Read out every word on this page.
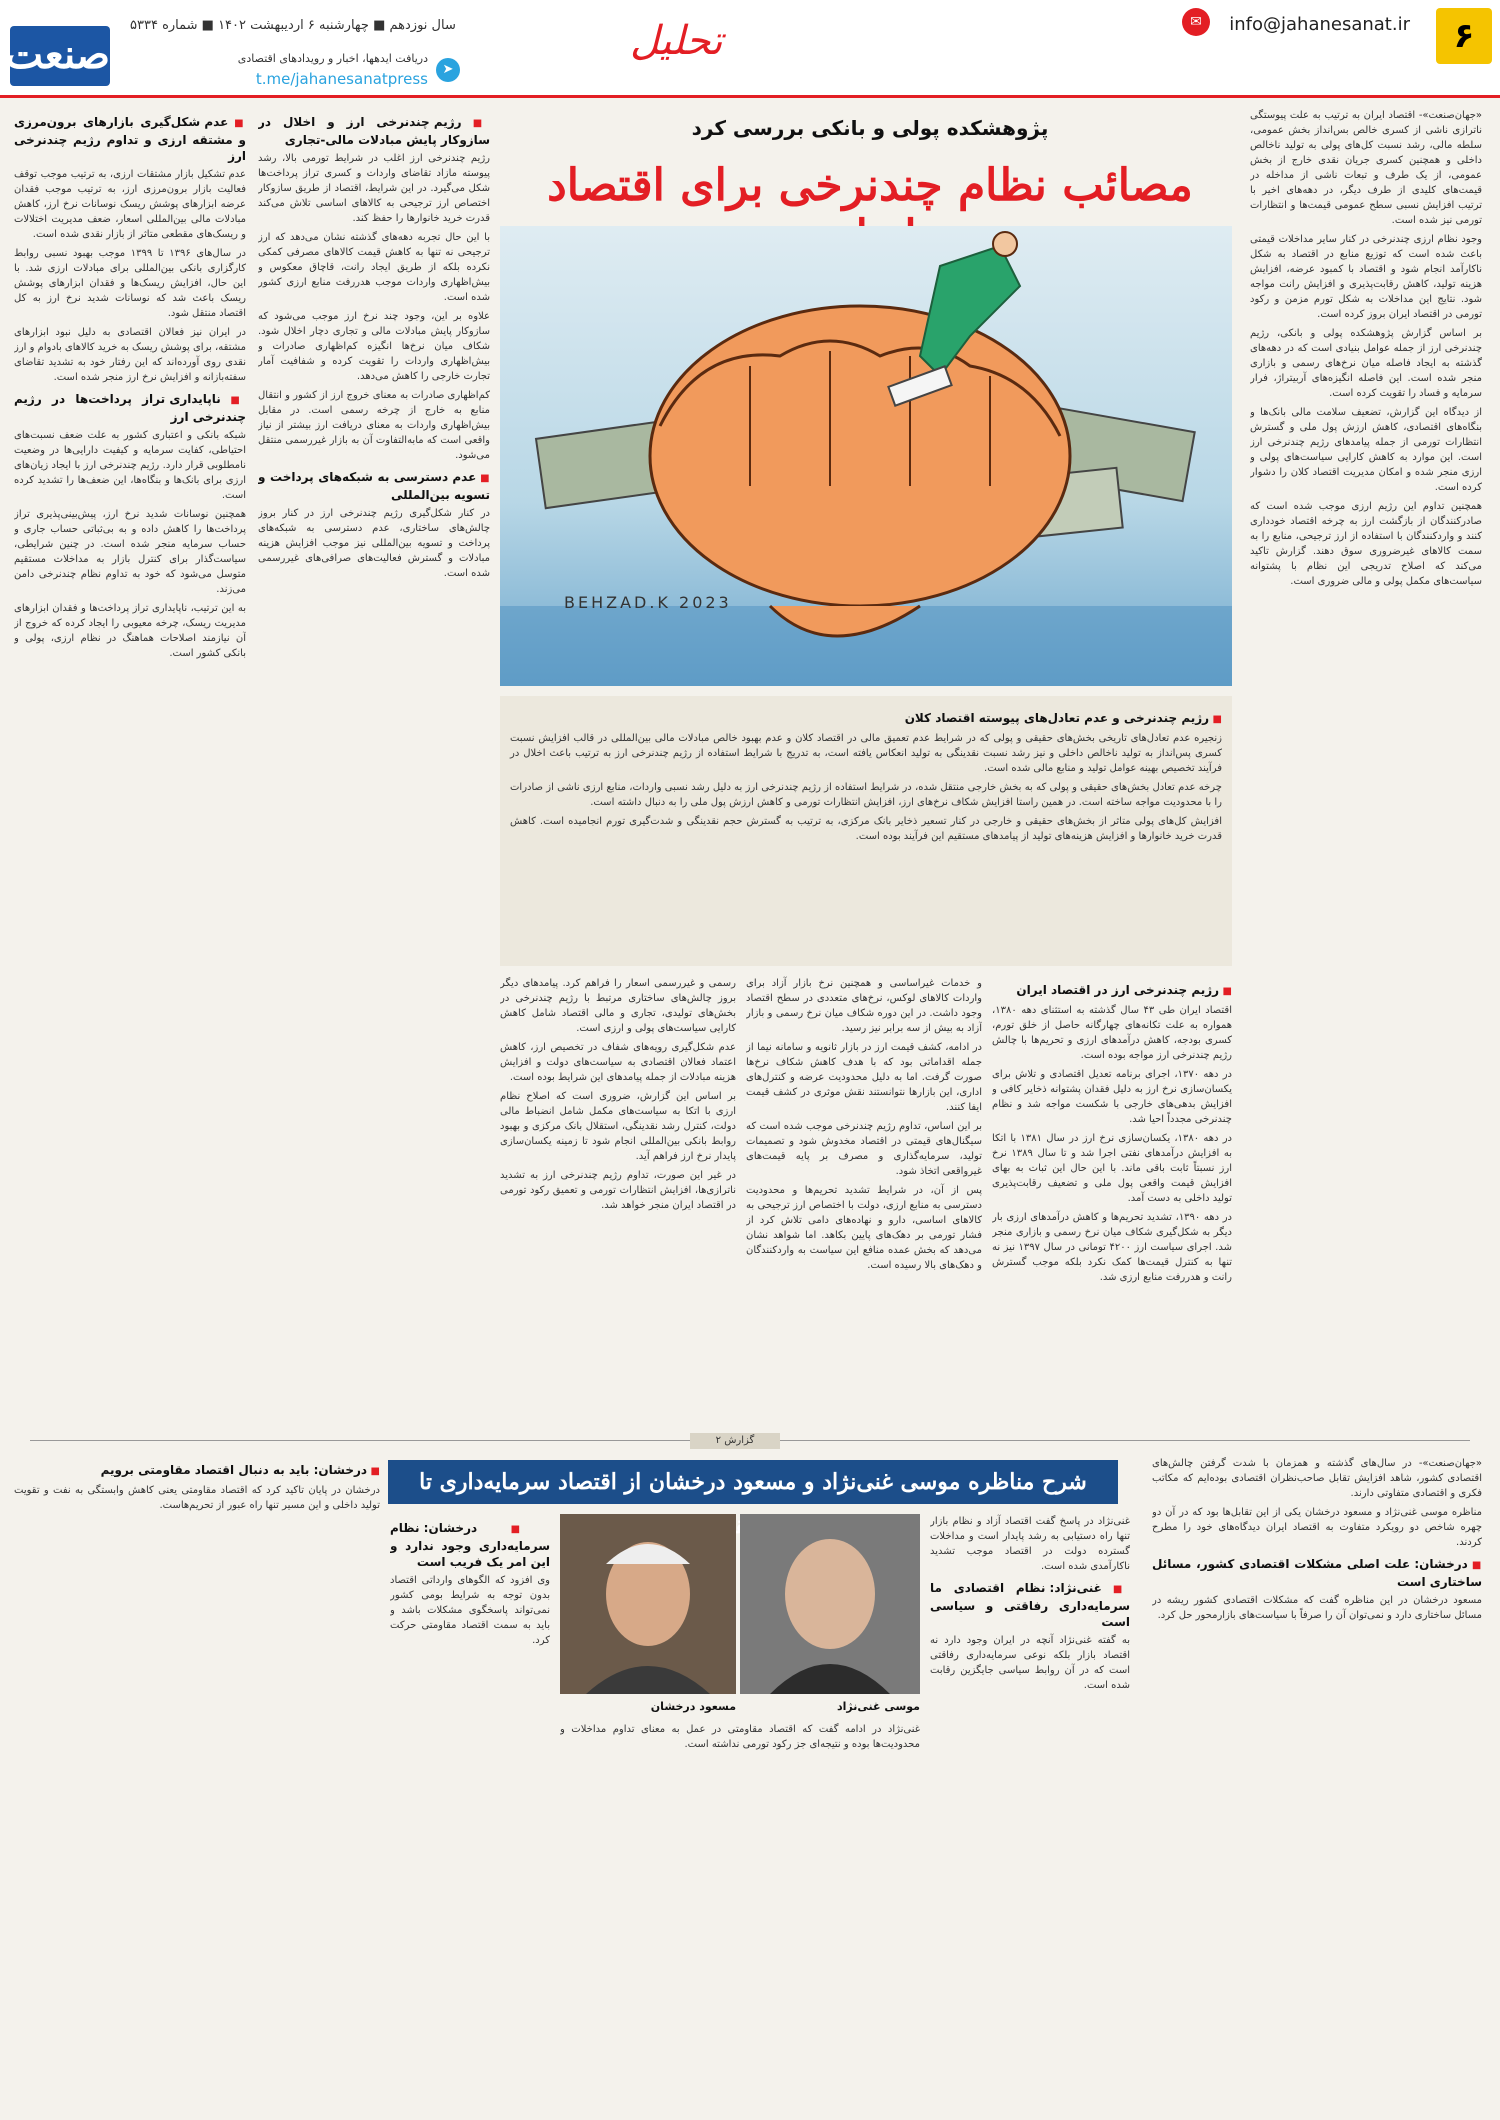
۶
info@jahanesanat.ir
✉
تحلیل
سال نوزدهم ■ چهارشنبه ۶ اردیبهشت ۱۴۰۲ ■ شماره ۵۳۳۴
صنعت	➤
دریافت ایدهها، اخبار و رویدادهای اقتصادی
t.me/jahanesanatpress
پژوهشکده پولی و بانکی بررسی کرد
مصائب نظام چندنرخی برای اقتصاد
BEHZAD.K 2023

«جهان‌صنعت»- اقتصاد ایران به ترتیب به علت پیوستگی ناترازی ناشی از کسری خالص بس‌انداز بخش عمومی، سلطه مالی، رشد نسبت کل‌های پولی به تولید ناخالص داخلی و همچنین کسری جریان نقدی خارج از بخش عمومی، از یک طرف و تبعات ناشی از مداخله در قیمت‌های کلیدی از طرف دیگر، در دهه‌های اخیر با ترتیب افزایش نسبی سطح عمومی قیمت‌ها و انتظارات تورمی نیز شده است.

وجود نظام ارزی چندنرخی در کنار سایر مداخلات قیمتی باعث شده است که توزیع منابع در اقتصاد به شکل ناکارآمد انجام شود و اقتصاد با کمبود عرضه، افزایش هزینه تولید، کاهش رقابت‌پذیری و افزایش رانت مواجه شود. نتایج این مداخلات به شکل تورم مزمن و رکود تورمی در اقتصاد ایران بروز کرده است.

بر اساس گزارش پژوهشکده پولی و بانکی، رژیم چندنرخی ارز از جمله عوامل بنیادی است که در دهه‌های گذشته به ایجاد فاصله میان نرخ‌های رسمی و بازاری منجر شده است. این فاصله انگیزه‌های آربیتراژ، فرار سرمایه و فساد را تقویت کرده است.

از دیدگاه این گزارش، تضعیف سلامت مالی بانک‌ها و بنگاه‌های اقتصادی، کاهش ارزش پول ملی و گسترش انتظارات تورمی از جمله پیامدهای رژیم چندنرخی ارز است. این موارد به کاهش کارایی سیاست‌های پولی و ارزی منجر شده و امکان مدیریت اقتصاد کلان را دشوار کرده است.

همچنین تداوم این رژیم ارزی موجب شده است که صادرکنندگان از بازگشت ارز به چرخه اقتصاد خودداری کنند و واردکنندگان با استفاده از ارز ترجیحی، منابع را به سمت کالاهای غیرضروری سوق دهند. گزارش تاکید می‌کند که اصلاح تدریجی این نظام با پشتوانه سیاست‌های مکمل پولی و مالی ضروری است.

■ رژیم چندنرخی ارز و اخلال در سازوکار پایش مبادلات مالی-تجاری

رژیم چندنرخی ارز اغلب در شرایط تورمی بالا، رشد پیوسته مازاد تقاضای واردات و کسری تراز پرداخت‌ها شکل می‌گیرد. در این شرایط، اقتصاد از طریق سازوکار اختصاص ارز ترجیحی به کالاهای اساسی تلاش می‌کند قدرت خرید خانوارها را حفظ کند.

با این حال تجربه دهه‌های گذشته نشان می‌دهد که ارز ترجیحی نه تنها به کاهش قیمت کالاهای مصرفی کمکی نکرده بلکه از طریق ایجاد رانت، قاچاق معکوس و بیش‌اظهاری واردات موجب هدررفت منابع ارزی کشور شده است.

علاوه بر این، وجود چند نرخ ارز موجب می‌شود که سازوکار پایش مبادلات مالی و تجاری دچار اخلال شود. شکاف میان نرخ‌ها انگیزه کم‌اظهاری صادرات و بیش‌اظهاری واردات را تقویت کرده و شفافیت آمار تجارت خارجی را کاهش می‌دهد.

کم‌اظهاری صادرات به معنای خروج ارز از کشور و انتقال منابع به خارج از چرخه رسمی است. در مقابل بیش‌اظهاری واردات به معنای دریافت ارز بیشتر از نیاز واقعی است که مابه‌التفاوت آن به بازار غیررسمی منتقل می‌شود.

■ عدم دسترسی به شبکه‌های پرداخت و تسویه بین‌المللی

در کنار شکل‌گیری رژیم چندنرخی ارز در کنار بروز چالش‌های ساختاری، عدم دسترسی به شبکه‌های پرداخت و تسویه بین‌المللی نیز موجب افزایش هزینه مبادلات و گسترش فعالیت‌های صرافی‌های غیررسمی شده است.

■ عدم شکل‌گیری بازارهای برون‌مرزی و مشتقه ارزی و تداوم رژیم چندنرخی ارز

عدم تشکیل بازار مشتقات ارزی، به ترتیب موجب توقف فعالیت بازار برون‌مرزی ارز، به ترتیب موجب فقدان عرضه ابزارهای پوشش ریسک نوسانات نرخ ارز، کاهش مبادلات مالی بین‌المللی اسعار، ضعف مدیریت اختلالات و ریسک‌های مقطعی متاثر از بازار نقدی شده است.

در سال‌های ۱۳۹۶ تا ۱۳۹۹ موجب بهبود نسبی روابط کارگزاری بانکی بین‌المللی برای مبادلات ارزی شد. با این حال، افزایش ریسک‌ها و فقدان ابزارهای پوشش ریسک باعث شد که نوسانات شدید نرخ ارز به کل اقتصاد منتقل شود.

در ایران نیز فعالان اقتصادی به دلیل نبود ابزارهای مشتقه، برای پوشش ریسک به خرید کالاهای بادوام و ارز نقدی روی آورده‌اند که این رفتار خود به تشدید تقاضای سفته‌بازانه و افزایش نرخ ارز منجر شده است.

■ ناپایداری تراز پرداخت‌ها در رژیم چندنرخی ارز

شبکه بانکی و اعتباری کشور به علت ضعف نسبت‌های احتیاطی، کفایت سرمایه و کیفیت دارایی‌ها در وضعیت نامطلوبی قرار دارد. رژیم چندنرخی ارز با ایجاد زیان‌های ارزی برای بانک‌ها و بنگاه‌ها، این ضعف‌ها را تشدید کرده است.

همچنین نوسانات شدید نرخ ارز، پیش‌بینی‌پذیری تراز پرداخت‌ها را کاهش داده و به بی‌ثباتی حساب جاری و حساب سرمایه منجر شده است. در چنین شرایطی، سیاست‌گذار برای کنترل بازار به مداخلات مستقیم متوسل می‌شود که خود به تداوم نظام چندنرخی دامن می‌زند.

به این ترتیب، ناپایداری تراز پرداخت‌ها و فقدان ابزارهای مدیریت ریسک، چرخه معیوبی را ایجاد کرده که خروج از آن نیازمند اصلاحات هماهنگ در نظام ارزی، پولی و بانکی کشور است.

■ رژیم چندنرخی و عدم تعادل‌های پیوسته اقتصاد کلان

زنجیره عدم تعادل‌های تاریخی بخش‌های حقیقی و پولی که در شرایط عدم تعمیق مالی در اقتصاد کلان و عدم بهبود خالص مبادلات مالی بین‌المللی در قالب افزایش نسبت کسری پس‌انداز به تولید ناخالص داخلی و نیز رشد نسبت نقدینگی به تولید انعکاس یافته است، به تدریج با شرایط استفاده از رژیم چندنرخی ارز به ترتیب باعث اخلال در فرآیند تخصیص بهینه عوامل تولید و منابع مالی شده است.

چرخه عدم تعادل بخش‌های حقیقی و پولی که به بخش خارجی منتقل شده، در شرایط استفاده از رژیم چندنرخی ارز به دلیل رشد نسبی واردات، منابع ارزی ناشی از صادرات را با محدودیت مواجه ساخته است. در همین راستا افزایش شکاف نرخ‌های ارز، افزایش انتظارات تورمی و کاهش ارزش پول ملی را به دنبال داشته است.

افزایش کل‌های پولی متاثر از بخش‌های حقیقی و خارجی در کنار تسعیر ذخایر بانک مرکزی، به ترتیب به گسترش حجم نقدینگی و شدت‌گیری تورم انجامیده است. کاهش قدرت خرید خانوارها و افزایش هزینه‌های تولید از پیامدهای مستقیم این فرآیند بوده است.

■ رژیم چندنرخی ارز در اقتصاد ایران

اقتصاد ایران طی ۴۳ سال گذشته به استثنای دهه ۱۳۸۰، همواره به علت تکانه‌های چهارگانه حاصل از خلق تورم، کسری بودجه، کاهش درآمدهای ارزی و تحریم‌ها با چالش رژیم چندنرخی ارز مواجه بوده است.

در دهه ۱۳۷۰، اجرای برنامه تعدیل اقتصادی و تلاش برای یکسان‌سازی نرخ ارز به دلیل فقدان پشتوانه ذخایر کافی و افزایش بدهی‌های خارجی با شکست مواجه شد و نظام چندنرخی مجدداً احیا شد.

در دهه ۱۳۸۰، یکسان‌سازی نرخ ارز در سال ۱۳۸۱ با اتکا به افزایش درآمدهای نفتی اجرا شد و تا سال ۱۳۸۹ نرخ ارز نسبتاً ثابت باقی ماند. با این حال این ثبات به بهای افزایش قیمت واقعی پول ملی و تضعیف رقابت‌پذیری تولید داخلی به دست آمد.

در دهه ۱۳۹۰، تشدید تحریم‌ها و کاهش درآمدهای ارزی بار دیگر به شکل‌گیری شکاف میان نرخ رسمی و بازاری منجر شد. اجرای سیاست ارز ۴۲۰۰ تومانی در سال ۱۳۹۷ نیز نه تنها به کنترل قیمت‌ها کمک نکرد بلکه موجب گسترش رانت و هدررفت منابع ارزی شد.

و خدمات غیراساسی و همچنین نرخ بازار آزاد برای واردات کالاهای لوکس، نرخ‌های متعددی در سطح اقتصاد وجود داشت. در این دوره شکاف میان نرخ رسمی و بازار آزاد به بیش از سه برابر نیز رسید.

در ادامه، کشف قیمت ارز در بازار ثانویه و سامانه نیما از جمله اقداماتی بود که با هدف کاهش شکاف نرخ‌ها صورت گرفت. اما به دلیل محدودیت عرضه و کنترل‌های اداری، این بازارها نتوانستند نقش موثری در کشف قیمت ایفا کنند.

بر این اساس، تداوم رژیم چندنرخی موجب شده است که سیگنال‌های قیمتی در اقتصاد مخدوش شود و تصمیمات تولید، سرمایه‌گذاری و مصرف بر پایه قیمت‌های غیرواقعی اتخاذ شود.

پس از آن، در شرایط تشدید تحریم‌ها و محدودیت دسترسی به منابع ارزی، دولت با اختصاص ارز ترجیحی به کالاهای اساسی، دارو و نهاده‌های دامی تلاش کرد از فشار تورمی بر دهک‌های پایین بکاهد. اما شواهد نشان می‌دهد که بخش عمده منافع این سیاست به واردکنندگان و دهک‌های بالا رسیده است.

رسمی و غیررسمی اسعار را فراهم کرد. پیامدهای دیگر بروز چالش‌های ساختاری مرتبط با رژیم چندنرخی در بخش‌های تولیدی، تجاری و مالی اقتصاد شامل کاهش کارایی سیاست‌های پولی و ارزی است.

عدم شکل‌گیری رویه‌های شفاف در تخصیص ارز، کاهش اعتماد فعالان اقتصادی به سیاست‌های دولت و افزایش هزینه مبادلات از جمله پیامدهای این شرایط بوده است.

بر اساس این گزارش، ضروری است که اصلاح نظام ارزی با اتکا به سیاست‌های مکمل شامل انضباط مالی دولت، کنترل رشد نقدینگی، استقلال بانک مرکزی و بهبود روابط بانکی بین‌المللی انجام شود تا زمینه یکسان‌سازی پایدار نرخ ارز فراهم آید.

در غیر این صورت، تداوم رژیم چندنرخی ارز به تشدید ناترازی‌ها، افزایش انتظارات تورمی و تعمیق رکود تورمی در اقتصاد ایران منجر خواهد شد.

گزارش ۲

«جهان‌صنعت»- در سال‌های گذشته و همزمان با شدت گرفتن چالش‌های اقتصادی کشور، شاهد افزایش تقابل صاحب‌نظران اقتصادی بوده‌ایم که مکاتب فکری و اقتصادی متفاوتی دارند.

مناظره موسی غنی‌نژاد و مسعود درخشان یکی از این تقابل‌ها بود که در آن دو چهره شاخص دو رویکرد متفاوت به اقتصاد ایران دیدگاه‌های خود را مطرح کردند.

■ درخشان: علت اصلی مشکلات اقتصادی کشور، مسائل ساختاری است

مسعود درخشان در این مناظره گفت که مشکلات اقتصادی کشور ریشه در مسائل ساختاری دارد و نمی‌توان آن را صرفاً با سیاست‌های بازارمحور حل کرد.

شرح مناظره موسی غنی‌نژاد و مسعود درخشان از اقتصاد سرمایه‌داری تا
موسی غنی‌نژاد
مسعود درخشان

غنی‌نژاد در پاسخ گفت اقتصاد آزاد و نظام بازار تنها راه دستیابی به رشد پایدار است و مداخلات گسترده دولت در اقتصاد موجب تشدید ناکارآمدی شده است.

■ غنی‌نژاد: نظام اقتصادی ما سرمایه‌داری رفاقتی و سیاسی است

به گفته غنی‌نژاد آنچه در ایران وجود دارد نه اقتصاد بازار بلکه نوعی سرمایه‌داری رفاقتی است که در آن روابط سیاسی جایگزین رقابت شده است.

■ درخشان: نظام سرمایه‌داری وجود ندارد و این امر یک فریب است

وی افزود که الگوهای وارداتی اقتصاد بدون توجه به شرایط بومی کشور نمی‌تواند پاسخگوی مشکلات باشد و باید به سمت اقتصاد مقاومتی حرکت کرد.

غنی‌نژاد در ادامه گفت که اقتصاد مقاومتی در عمل به معنای تداوم مداخلات و محدودیت‌ها بوده و نتیجه‌ای جز رکود تورمی نداشته است.

■ درخشان: باید به دنبال اقتصاد مقاومتی برویم

درخشان در پایان تاکید کرد که اقتصاد مقاومتی یعنی کاهش وابستگی به نفت و تقویت تولید داخلی و این مسیر تنها راه عبور از تحریم‌هاست.
